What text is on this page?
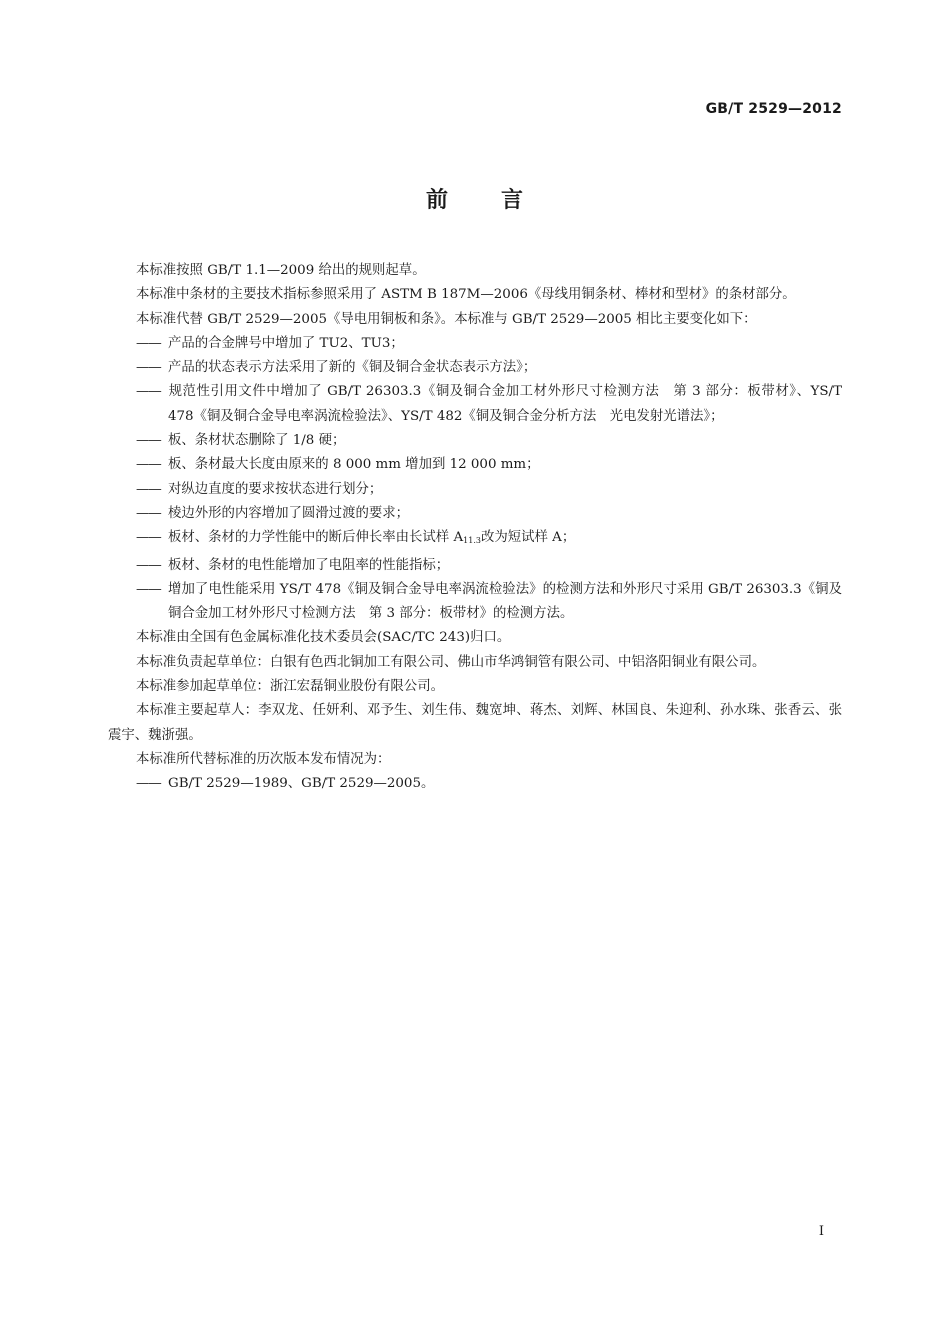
GB/T 2529—2012
前 言

本标准按照 GB/T 1.1—2009 给出的规则起草。

本标准中条材的主要技术指标参照采用了 ASTM B 187M—2006《母线用铜条材、棒材和型材》的条材部分。

本标准代替 GB/T 2529—2005《导电用铜板和条》。本标准与 GB/T 2529—2005 相比主要变化如下：

—— 产品的合金牌号中增加了 TU2、TU3；

—— 产品的状态表示方法采用了新的《铜及铜合金状态表示方法》；

—— 规范性引用文件中增加了 GB/T 26303.3《铜及铜合金加工材外形尺寸检测方法　第 3 部分：板带材》、YS/T 478《铜及铜合金导电率涡流检验法》、YS/T 482《铜及铜合金分析方法　光电发射光谱法》；

—— 板、条材状态删除了 1/8 硬；

—— 板、条材最大长度由原来的 8 000 mm 增加到 12 000 mm；

—— 对纵边直度的要求按状态进行划分；

—— 棱边外形的内容增加了圆滑过渡的要求；

—— 板材、条材的力学性能中的断后伸长率由长试样 $A_{11.3}$改为短试样 A；

—— 板材、条材的电性能增加了电阻率的性能指标；

—— 增加了电性能采用 YS/T 478《铜及铜合金导电率涡流检验法》的检测方法和外形尺寸采用 GB/T 26303.3《铜及铜合金加工材外形尺寸检测方法　第 3 部分：板带材》的检测方法。

本标准由全国有色金属标准化技术委员会(SAC/TC 243)归口。

本标准负责起草单位：白银有色西北铜加工有限公司、佛山市华鸿铜管有限公司、中铝洛阳铜业有限公司。

本标准参加起草单位：浙江宏磊铜业股份有限公司。

本标准主要起草人：李双龙、任妍利、邓予生、刘生伟、魏宽坤、蒋杰、刘辉、林国良、朱迎利、孙水珠、张香云、张震宇、魏浙强。

本标准所代替标准的历次版本发布情况为：

—— GB/T 2529—1989、GB/T 2529—2005。

I
